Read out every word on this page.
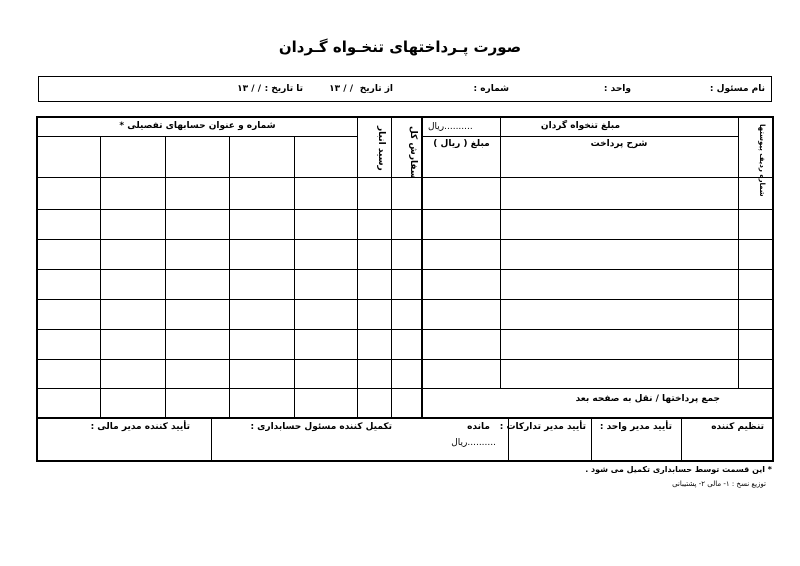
صورت پـرداختهای تنخـواه گـردان
نام مسئول :
واحد :
شماره :
از تاریخ
/ / ۱۳
تا تاریخ :
/ / ۱۳
شماره ردیف پیوستها
مبلغ تنخواه گردان
..........ریال
شرح پرداخت
مبلغ ( ریال )
سفارش کل
رسید انبار
شماره و عنوان حسابهای تفصیلی *
جمع پرداختها / نقل به صفحه بعد
تنظیم کننده
تأیید مدیر واحد :
تأیید مدیر تدارکات :
مانده
..........ریال
تکمیل کننده مسئول حسابداری :
تأیید کننده مدیر مالی :
* این قسمت توسط حسابداری تکمیل می شود .
توزیع نسخ : ۱- مالی ۲- پشتیبانی
